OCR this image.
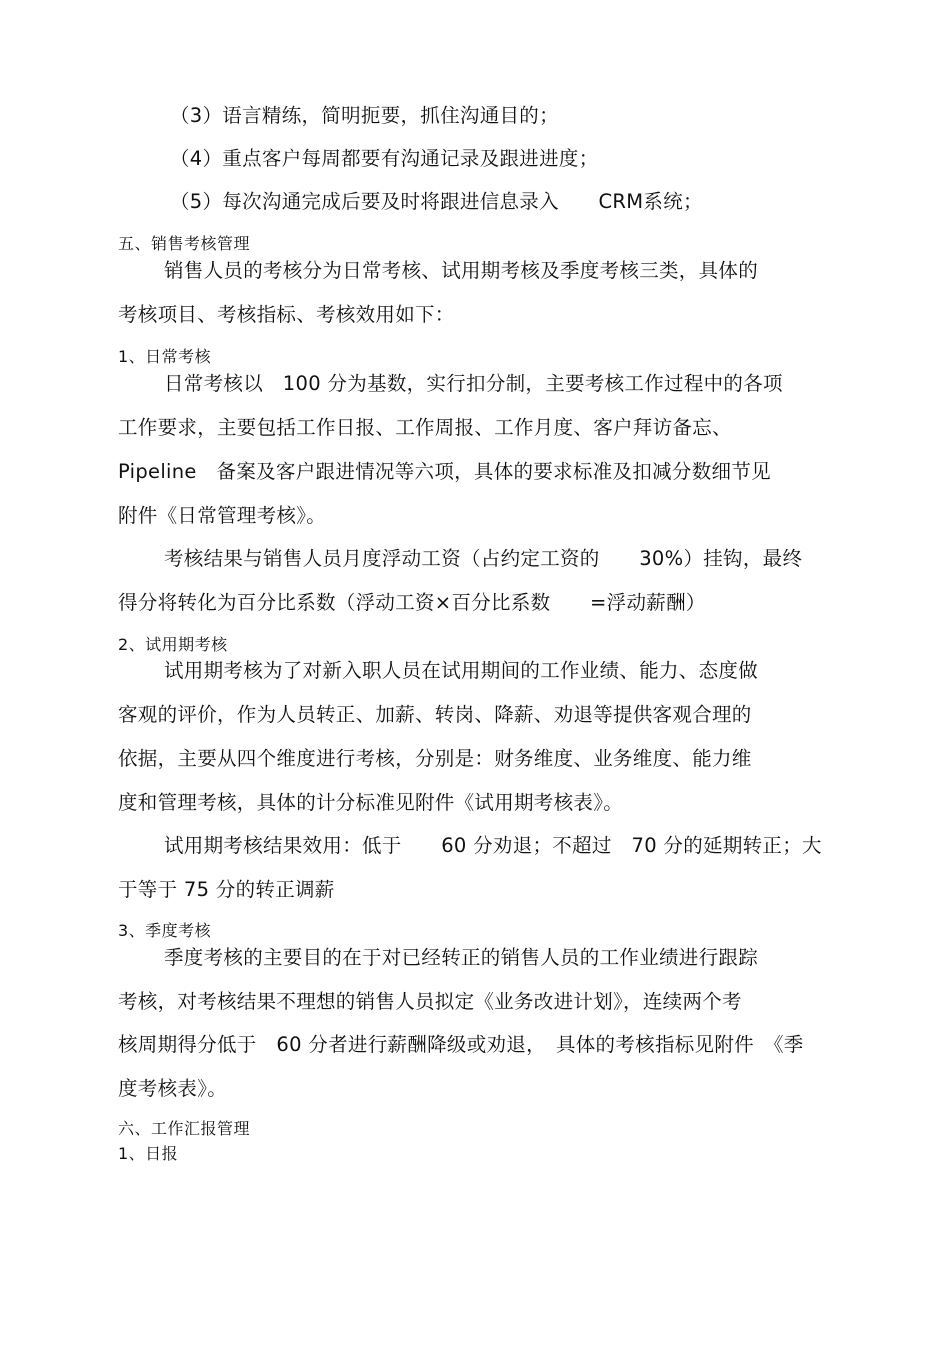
（3）语言精练，简明扼要，抓住沟通目的；
（4）重点客户每周都要有沟通记录及跟进进度；
（5）每次沟通完成后要及时将跟进信息录入　　CRM系统；
五、销售考核管理
销售人员的考核分为日常考核、试用期考核及季度考核三类，具体的
考核项目、考核指标、考核效用如下：
1、日常考核
日常考核以　100 分为基数，实行扣分制，主要考核工作过程中的各项
工作要求，主要包括工作日报、工作周报、工作月度、客户拜访备忘、
Pipeline　备案及客户跟进情况等六项，具体的要求标准及扣减分数细节见
附件《日常管理考核》。
考核结果与销售人员月度浮动工资（占约定工资的　　30%）挂钩，最终
得分将转化为百分比系数（浮动工资×百分比系数　　=浮动薪酬）
2、试用期考核
试用期考核为了对新入职人员在试用期间的工作业绩、能力、态度做
客观的评价，作为人员转正、加薪、转岗、降薪、劝退等提供客观合理的
依据，主要从四个维度进行考核，分别是：财务维度、业务维度、能力维
度和管理考核，具体的计分标准见附件《试用期考核表》。
试用期考核结果效用：低于　　60 分劝退；不超过　70 分的延期转正；大
于等于 75 分的转正调薪
3、季度考核
季度考核的主要目的在于对已经转正的销售人员的工作业绩进行跟踪
考核，对考核结果不理想的销售人员拟定《业务改进计划》，连续两个考
核周期得分低于　60 分者进行薪酬降级或劝退，　具体的考核指标见附件　《季
度考核表》。
六、工作汇报管理
1、日报
